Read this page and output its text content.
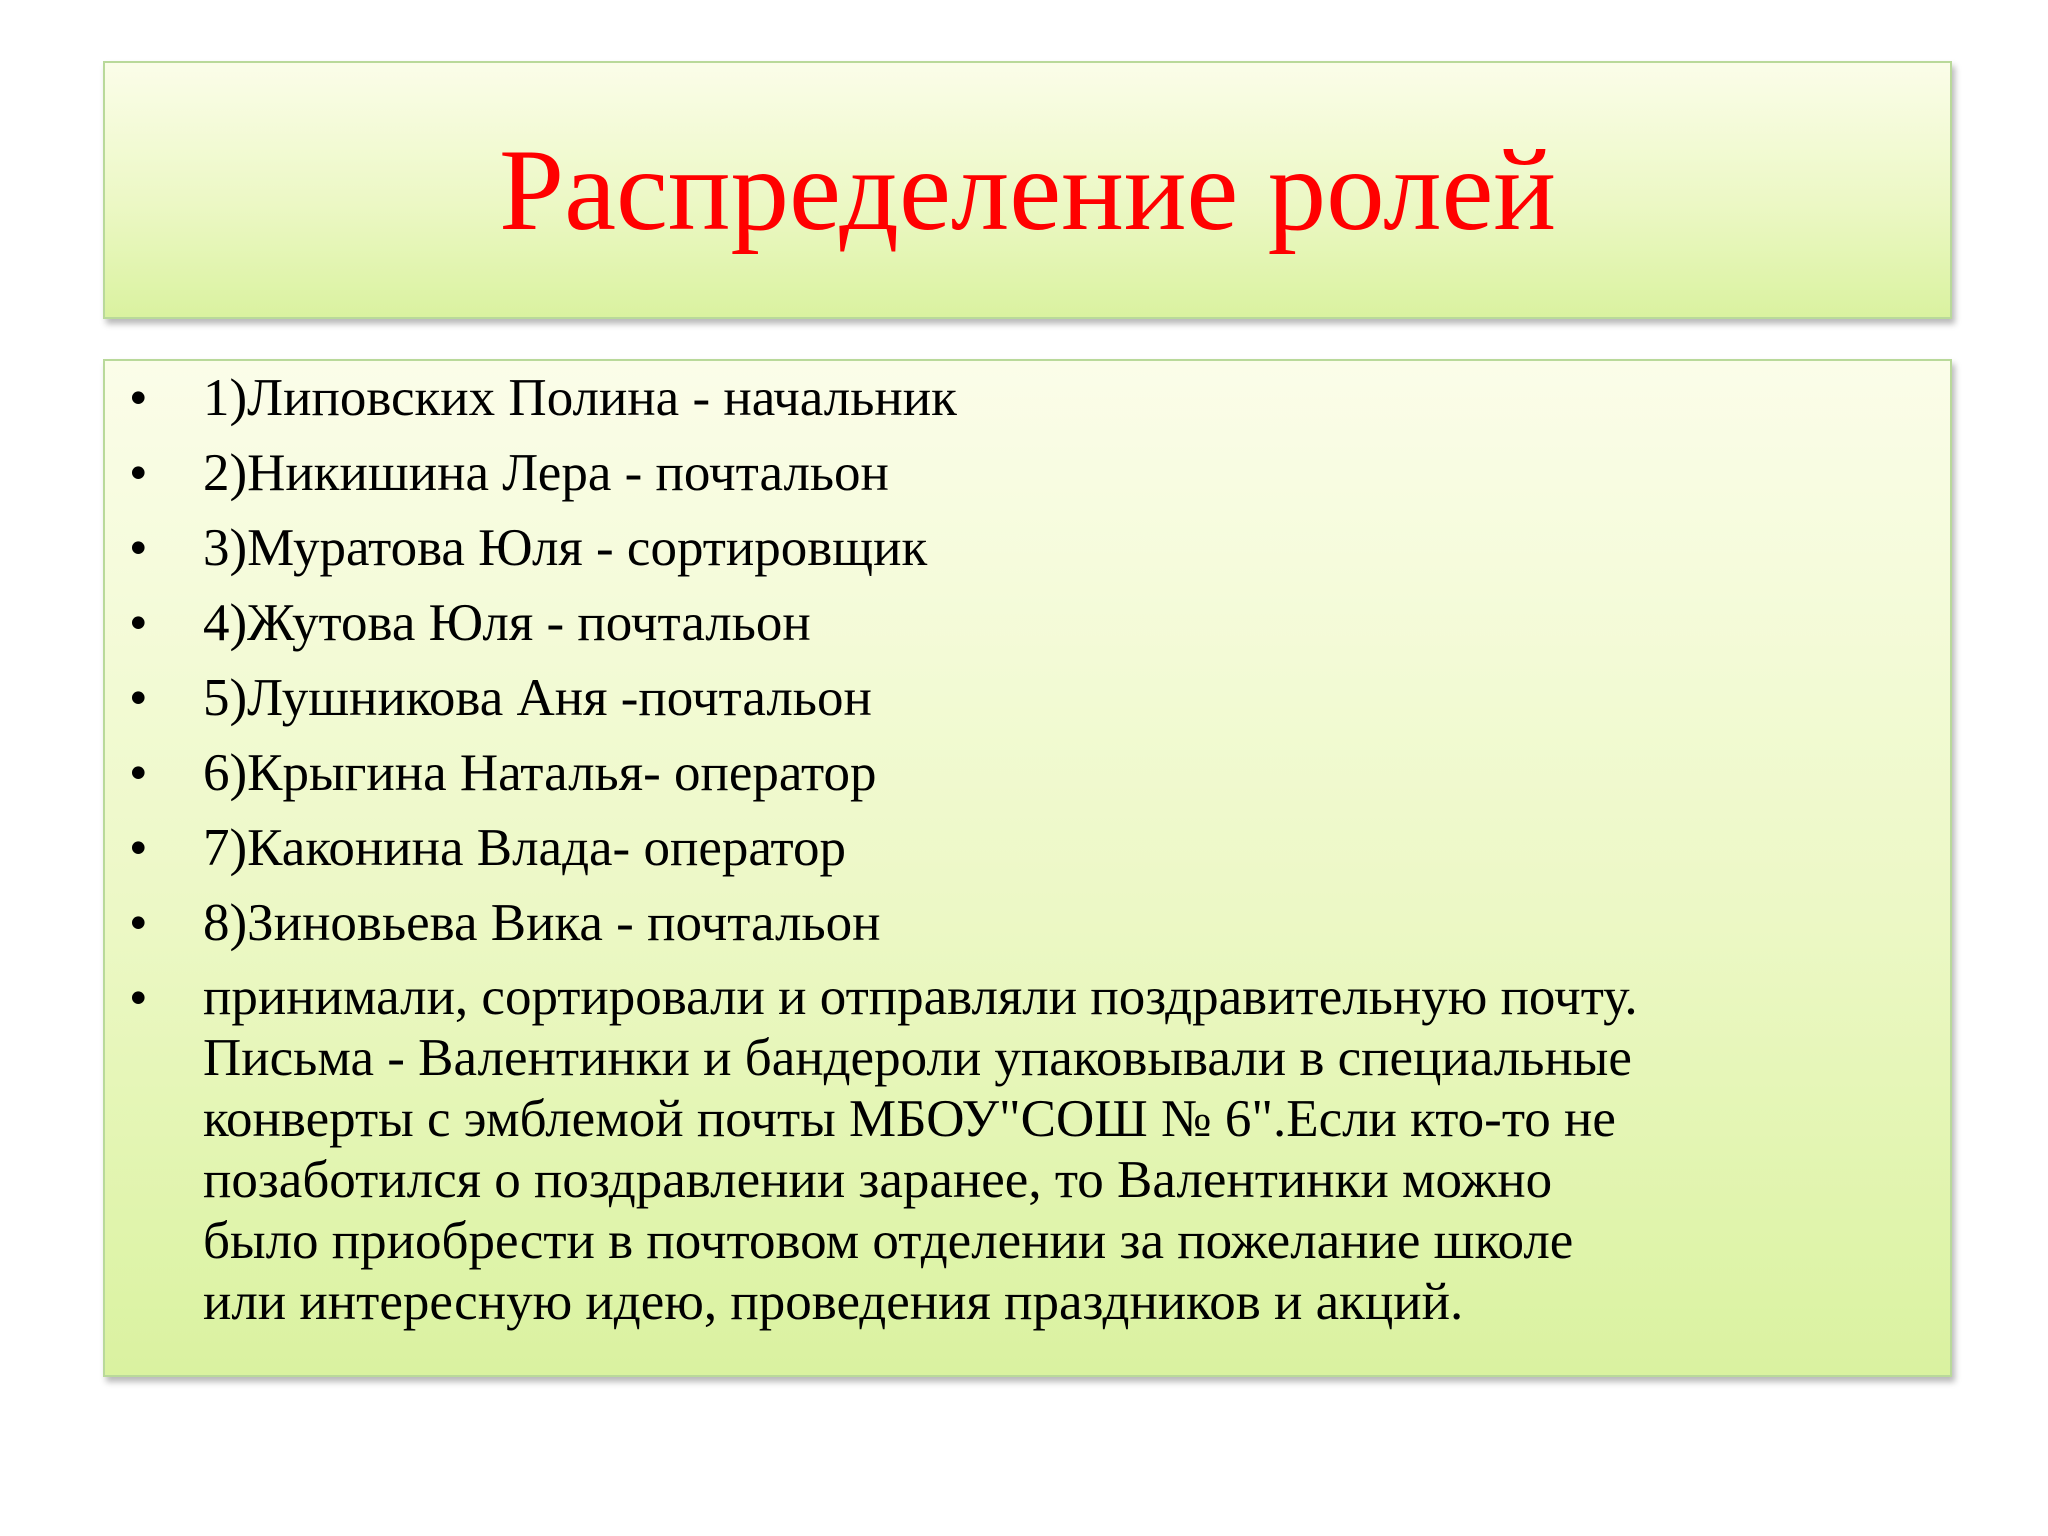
Распределение ролей
• 1)Липовских Полина - начальник
• 2)Никишина Лера - почтальон
• 3)Муратова Юля - сортировщик
• 4)Жутова Юля - почтальон
• 5)Лушникова Аня -почтальон
• 6)Крыгина Наталья- оператор
• 7)Каконина Влада- оператор
• 8)Зиновьева Вика - почтальон
• принимали, сортировали и отправляли поздравительную почту.
Письма - Валентинки и бандероли упаковывали в специальные
конверты с эмблемой почты МБОУ"СОШ № 6".Если кто-то не
позаботился о поздравлении заранее, то Валентинки можно
было приобрести в почтовом отделении за пожелание школе
или интересную идею, проведения праздников и акций.
